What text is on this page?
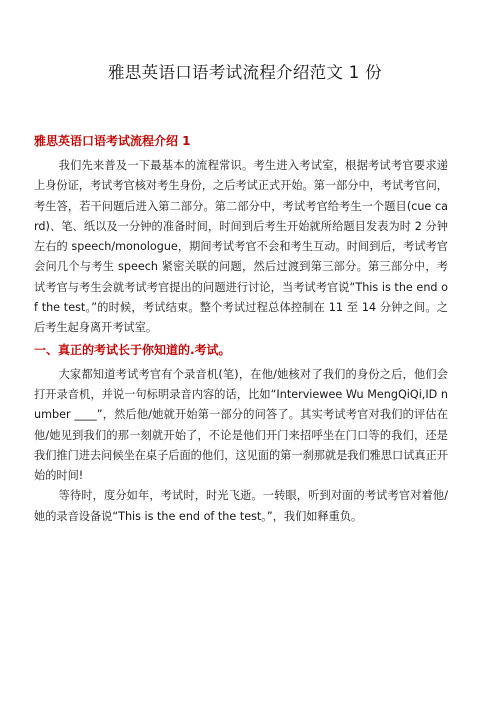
雅思英语口语考试流程介绍范文 1 份
雅思英语口语考试流程介绍 1

我们先来普及一下最基本的流程常识。考生进入考试室，根据考试考官要求递上身份证，考试考官核对考生身份，之后考试正式开始。第一部分中，考试考官问，考生答，若干问题后进入第二部分。第二部分中，考试考官给考生一个题目(cue card)、笔、纸以及一分钟的准备时间，时间到后考生开始就所给题目发表为时 2 分钟左右的 speech/monologue，期间考试考官不会和考生互动。时间到后，考试考官会问几个与考生 speech 紧密关联的问题，然后过渡到第三部分。第三部分中，考试考官与考生会就考试考官提出的问题进行讨论，当考试考官说“This is the end of the test。”的时候，考试结束。整个考试过程总体控制在 11 至 14 分钟之间。之后考生起身离开考试室。

一、真正的考试长于你知道的.考试。

大家都知道考试考官有个录音机(笔)，在他/她核对了我们的身份之后，他们会打开录音机，并说一句标明录音内容的话，比如“Interviewee Wu MengQiQi,ID number ____”，然后他/她就开始第一部分的问答了。其实考试考官对我们的评估在他/她见到我们的那一刻就开始了，不论是他们开门来招呼坐在门口等的我们，还是我们推门进去问候坐在桌子后面的他们，这见面的第一刹那就是我们雅思口试真正开始的时间!

等待时，度分如年，考试时，时光飞逝。一转眼，听到对面的考试考官对着他/她的录音设备说“This is the end of the test。”，我们如释重负。
